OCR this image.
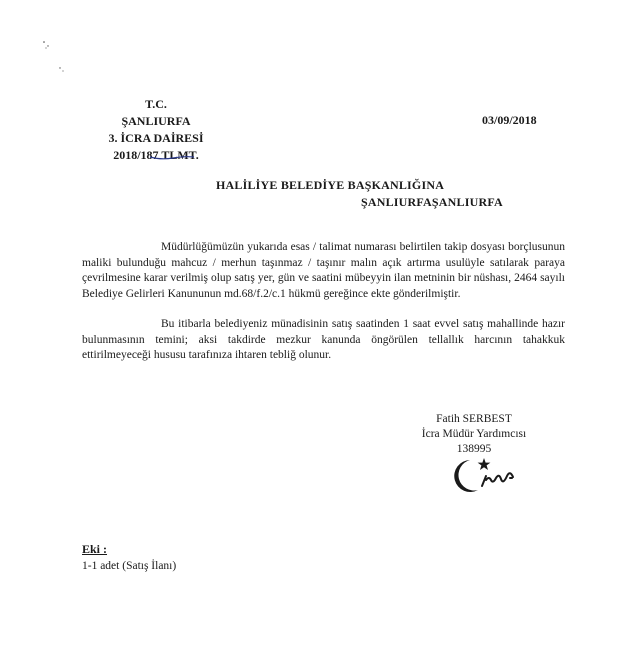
T.C.
ŞANLIURFA
3. İCRA DAİRESİ
2018/187 TLMT.
03/09/2018
HALİLİYE BELEDİYE BAŞKANLIĞINA
ŞANLIURFAŞANLIURFA
Müdürlüğümüzün yukarıda esas / talimat numarası belirtilen takip dosyası borçlusunun maliki bulunduğu mahcuz / merhun taşınmaz / taşınır malın açık artırma usulüyle satılarak paraya çevrilmesine karar verilmiş olup satış yer, gün ve saatini mübeyyin ilan metninin bir nüshası, 2464 sayılı Belediye Gelirleri Kanununun md.68/f.2/c.1 hükmü gereğince ekte gönderilmiştir.
Bu itibarla belediyeniz münadisinin satış saatinden 1 saat evvel satış mahallinde hazır bulunmasının temini; aksi takdirde mezkur kanunda öngörülen tellallık harcının tahakkuk ettirilmeyeceği hususu tarafınıza ihtaren tebliğ olunur.
Fatih SERBEST
İcra Müdür Yardımcısı
138995
Eki :
1-1 adet (Satış İlanı)
